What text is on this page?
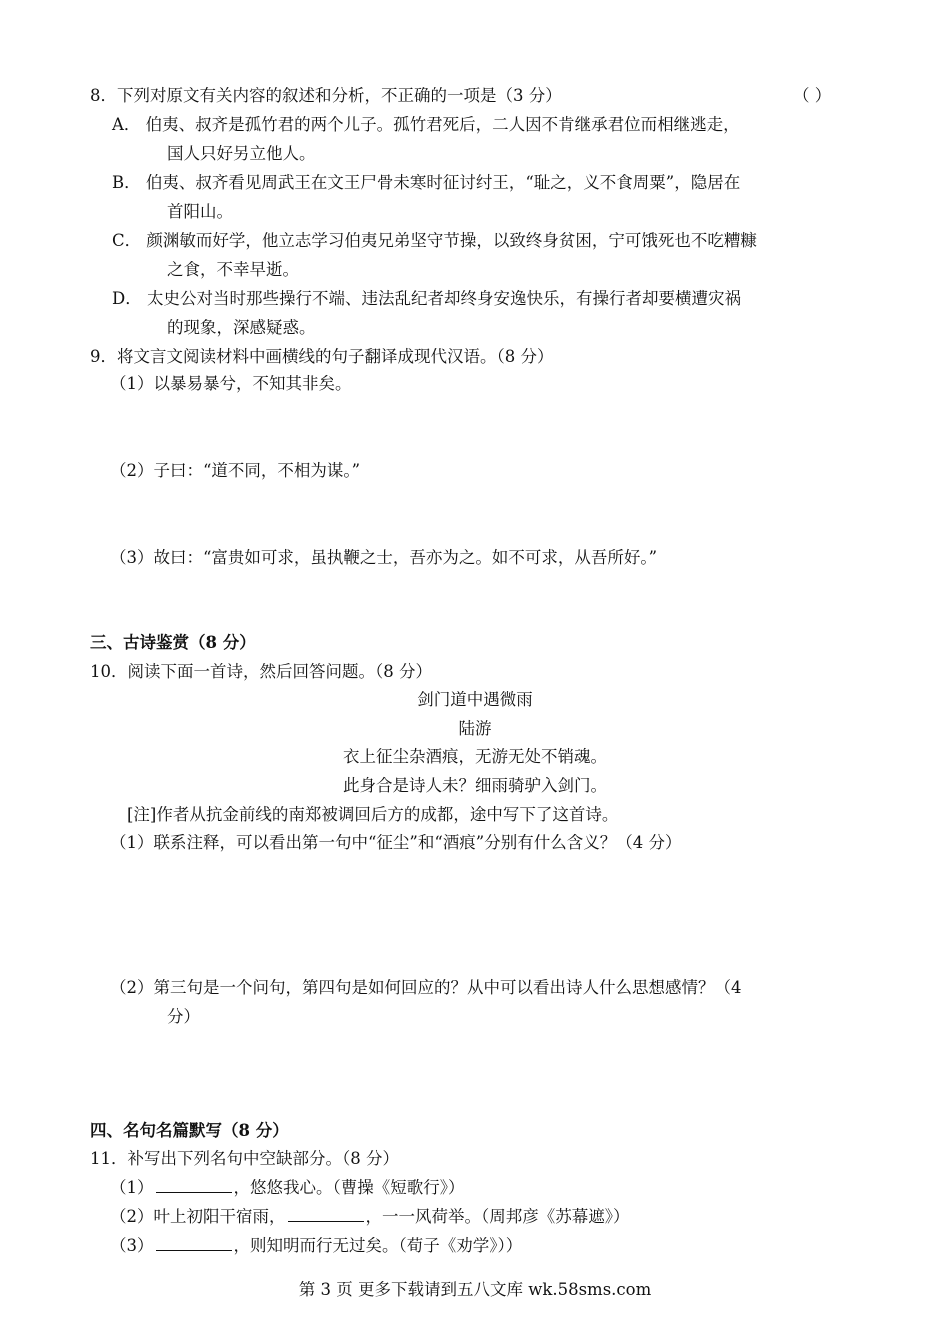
8．下列对原文有关内容的叙述和分析，不正确的一项是（3 分）	（ ）
A． 伯夷、叔齐是孤竹君的两个儿子。孤竹君死后，二人因不肯继承君位而相继逃走，
国人只好另立他人。
B． 伯夷、叔齐看见周武王在文王尸骨未寒时征讨纣王，“耻之，义不食周粟”，隐居在
首阳山。
C． 颜渊敏而好学，他立志学习伯夷兄弟坚守节操，以致终身贫困，宁可饿死也不吃糟糠
之食，不幸早逝。
D． 太史公对当时那些操行不端、违法乱纪者却终身安逸快乐，有操行者却要横遭灾祸
的现象，深感疑惑。
9．将文言文阅读材料中画横线的句子翻译成现代汉语。（8 分）
（1）以暴易暴兮，不知其非矣。
（2）子曰：“道不同，不相为谋。”
（3）故曰：“富贵如可求，虽执鞭之士，吾亦为之。如不可求，从吾所好。”
三、古诗鉴赏（8 分）
10．阅读下面一首诗，然后回答问题。（8 分）
剑门道中遇微雨
陆游
衣上征尘杂酒痕，无游无处不销魂。
此身合是诗人未？细雨骑驴入剑门。
[注]作者从抗金前线的南郑被调回后方的成都，途中写下了这首诗。
（1）联系注释，可以看出第一句中“征尘”和“酒痕”分别有什么含义？（4 分）
（2）第三句是一个问句，第四句是如何回应的？从中可以看出诗人什么思想感情？（4
分）
四、名句名篇默写（8 分）
11．补写出下列名句中空缺部分。（8 分）
（1）	，悠悠我心。（曹操《短歌行》）
（2）叶上初阳干宿雨，	，一一风荷举。（周邦彦《苏幕遮》）
（3）	，则知明而行无过矣。（荀子《劝学》））
第 3 页 更多下载请到五八文库 wk.58sms.com
